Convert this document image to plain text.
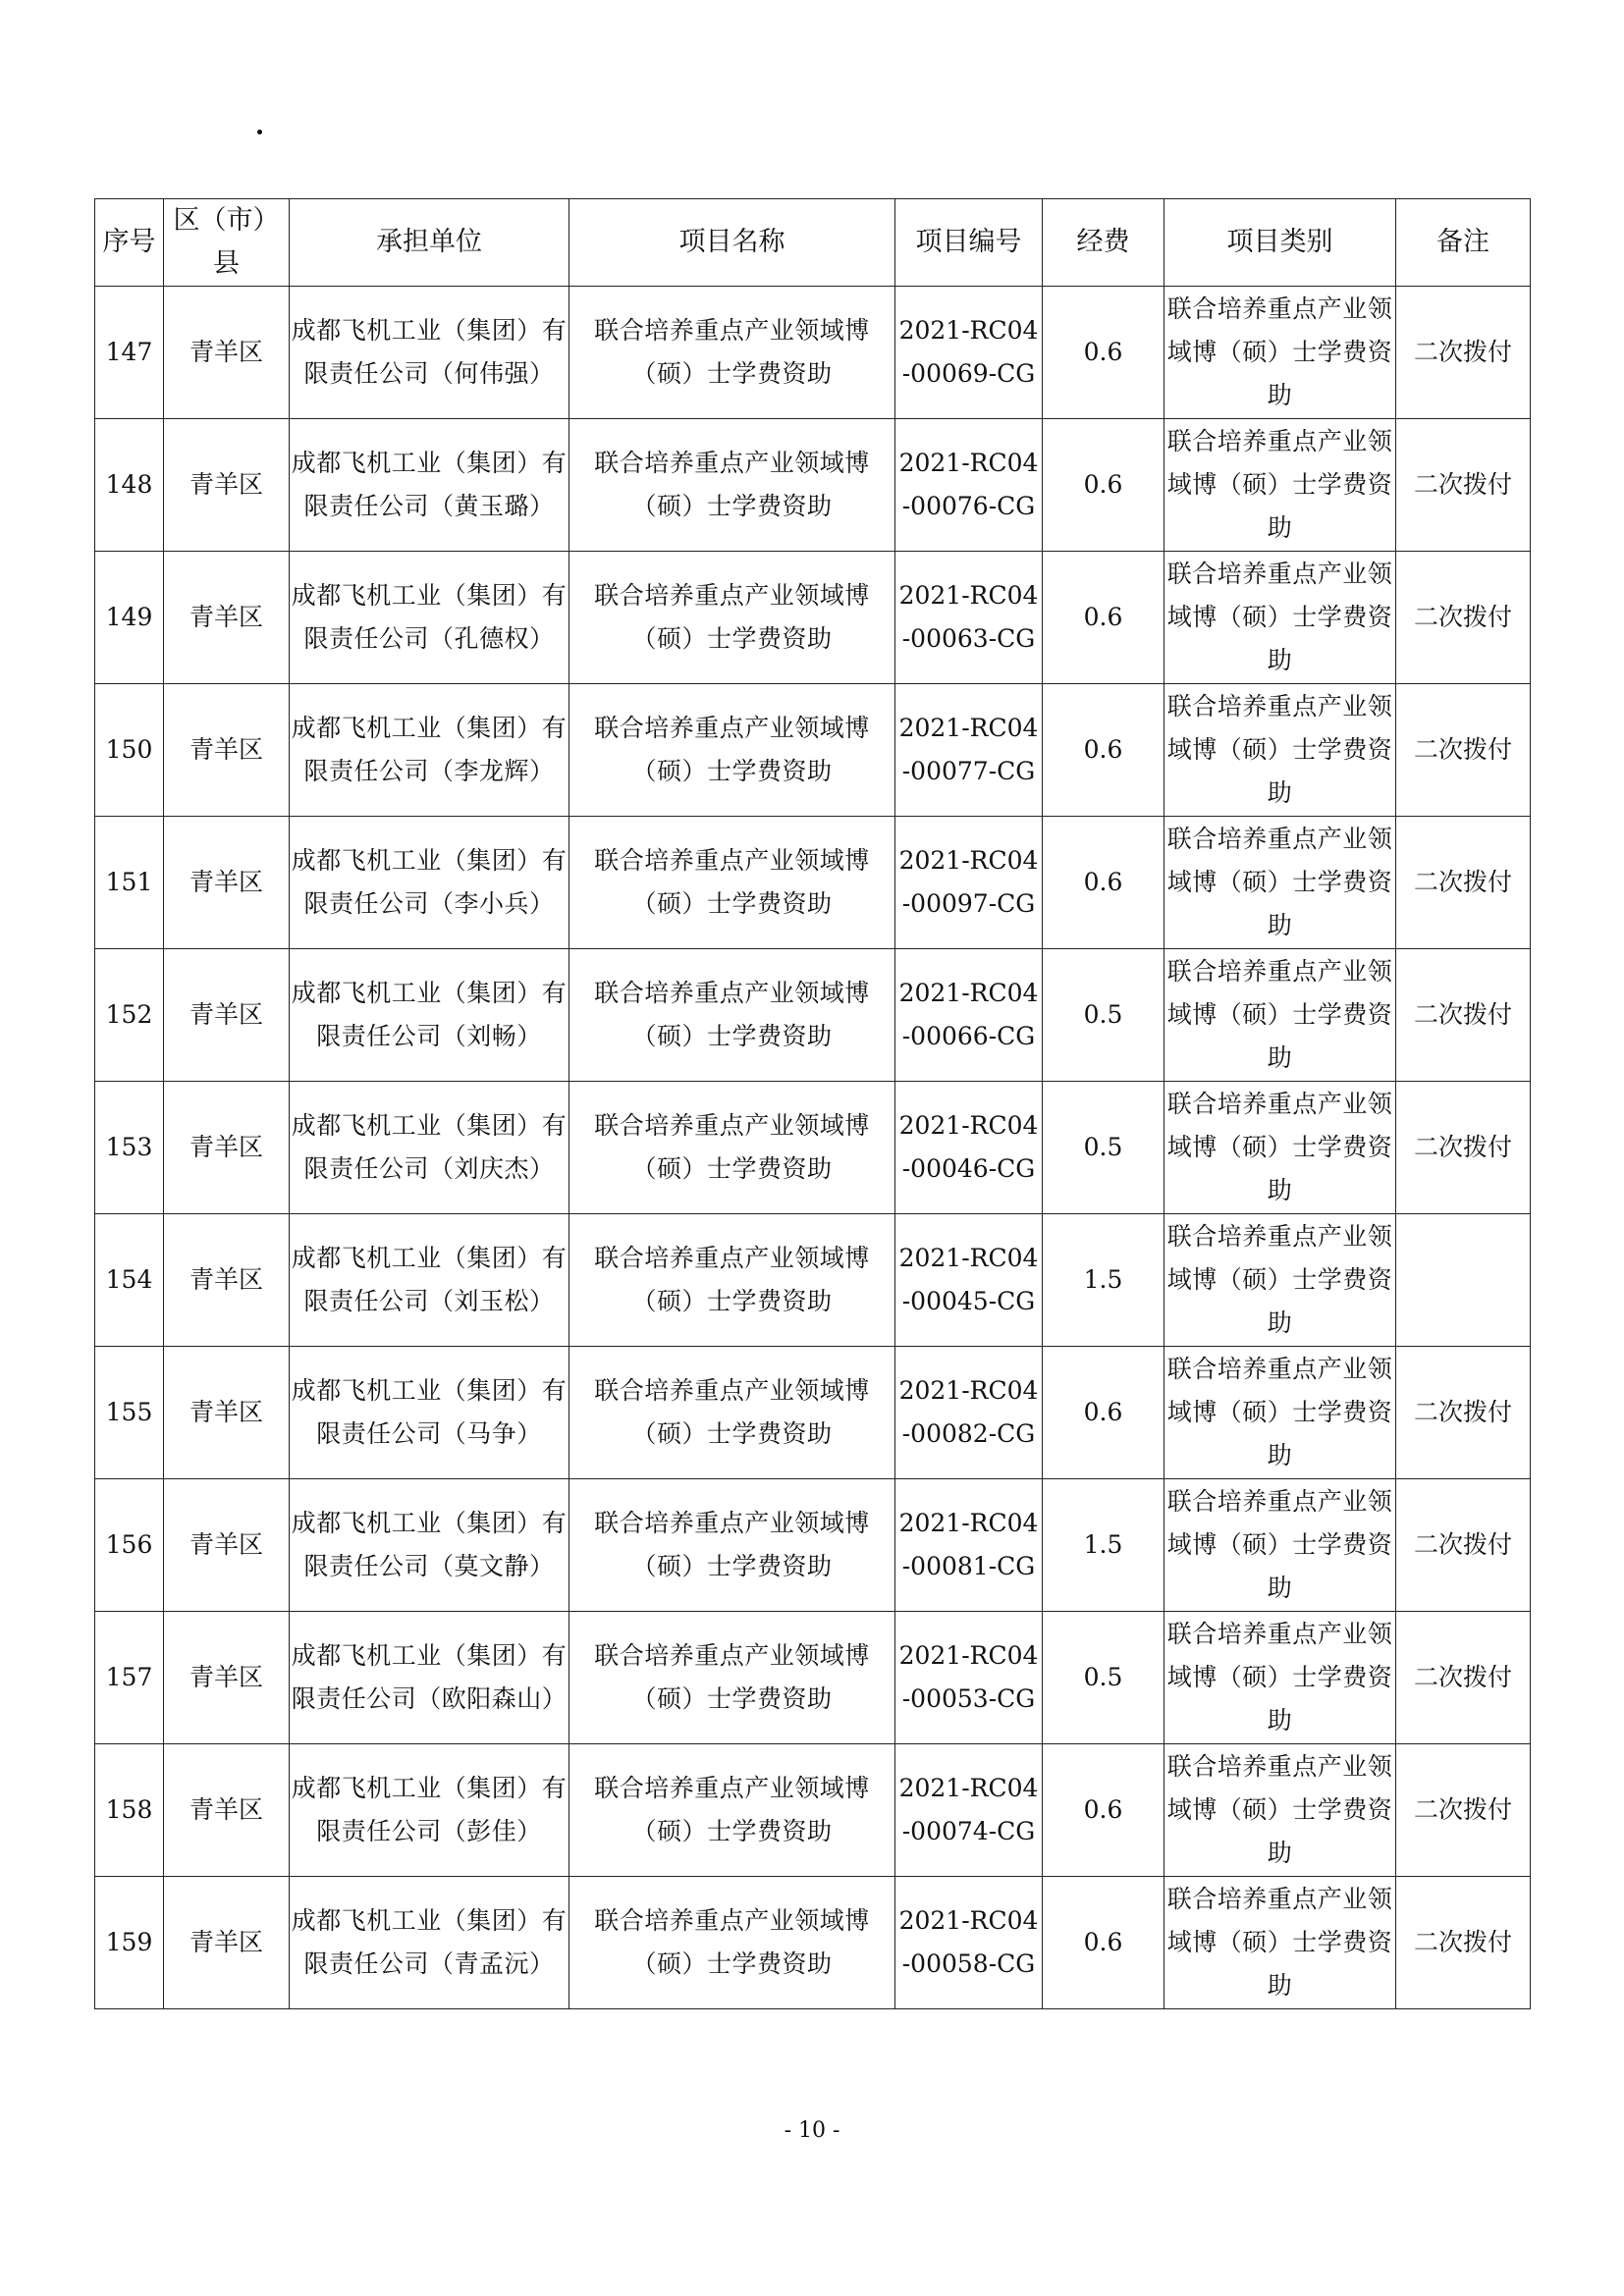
序号	区（市）县	承担单位	项目名称	项目编号	经费	项目类别	备注

147	青羊区	成都飞机工业（集团）有限责任公司（何伟强）	联合培养重点产业领域博（硕）士学费资助	2021-RC04-00069-CG	0.6	联合培养重点产业领域博（硕）士学费资助	二次拨付

148	青羊区	成都飞机工业（集团）有限责任公司（黄玉璐）	联合培养重点产业领域博（硕）士学费资助	2021-RC04-00076-CG	0.6	联合培养重点产业领域博（硕）士学费资助	二次拨付

149	青羊区	成都飞机工业（集团）有限责任公司（孔德权）	联合培养重点产业领域博（硕）士学费资助	2021-RC04-00063-CG	0.6	联合培养重点产业领域博（硕）士学费资助	二次拨付

150	青羊区	成都飞机工业（集团）有限责任公司（李龙辉）	联合培养重点产业领域博（硕）士学费资助	2021-RC04-00077-CG	0.6	联合培养重点产业领域博（硕）士学费资助	二次拨付

151	青羊区	成都飞机工业（集团）有限责任公司（李小兵）	联合培养重点产业领域博（硕）士学费资助	2021-RC04-00097-CG	0.6	联合培养重点产业领域博（硕）士学费资助	二次拨付

152	青羊区	成都飞机工业（集团）有限责任公司（刘畅）	联合培养重点产业领域博（硕）士学费资助	2021-RC04-00066-CG	0.5	联合培养重点产业领域博（硕）士学费资助	二次拨付

153	青羊区	成都飞机工业（集团）有限责任公司（刘庆杰）	联合培养重点产业领域博（硕）士学费资助	2021-RC04-00046-CG	0.5	联合培养重点产业领域博（硕）士学费资助	二次拨付

154	青羊区	成都飞机工业（集团）有限责任公司（刘玉松）	联合培养重点产业领域博（硕）士学费资助	2021-RC04-00045-CG	1.5	联合培养重点产业领域博（硕）士学费资助	

155	青羊区	成都飞机工业（集团）有限责任公司（马争）	联合培养重点产业领域博（硕）士学费资助	2021-RC04-00082-CG	0.6	联合培养重点产业领域博（硕）士学费资助	二次拨付

156	青羊区	成都飞机工业（集团）有限责任公司（莫文静）	联合培养重点产业领域博（硕）士学费资助	2021-RC04-00081-CG	1.5	联合培养重点产业领域博（硕）士学费资助	二次拨付

157	青羊区	成都飞机工业（集团）有限责任公司（欧阳森山）	联合培养重点产业领域博（硕）士学费资助	2021-RC04-00053-CG	0.5	联合培养重点产业领域博（硕）士学费资助	二次拨付

158	青羊区	成都飞机工业（集团）有限责任公司（彭佳）	联合培养重点产业领域博（硕）士学费资助	2021-RC04-00074-CG	0.6	联合培养重点产业领域博（硕）士学费资助	二次拨付

159	青羊区	成都飞机工业（集团）有限责任公司（青孟沅）	联合培养重点产业领域博（硕）士学费资助	2021-RC04-00058-CG	0.6	联合培养重点产业领域博（硕）士学费资助	二次拨付
- 10 -
